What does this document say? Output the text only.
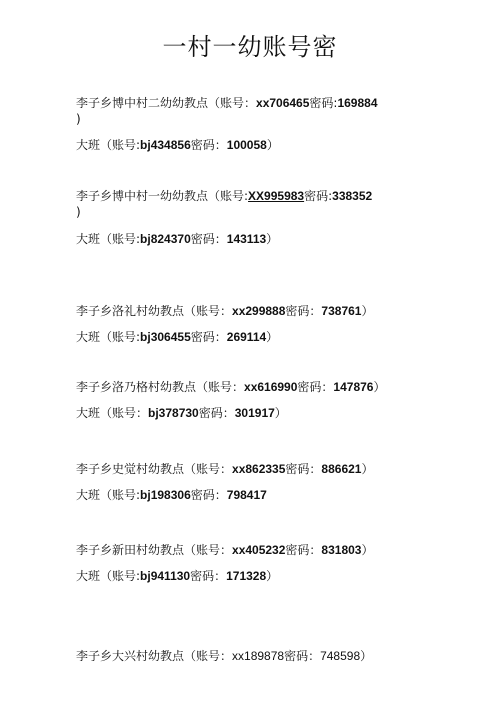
一村一幼账号密
李子乡博中村二幼幼教点（账号：xx706465密码:169884
)
大班（账号:bj434856密码：100058）
李子乡博中村一幼幼教点（账号:XX995983密码:338352
)
大班（账号:bj824370密码：143113）
李子乡洛礼村幼教点（账号：xx299888密码：738761）
大班（账号:bj306455密码：269114）
李子乡洛乃格村幼教点（账号：xx616990密码：147876）
大班（账号：bj378730密码：301917）
李子乡史觉村幼教点（账号：xx862335密码：886621）
大班（账号:bj198306密码：798417
李子乡新田村幼教点（账号：xx405232密码：831803）
大班（账号:bj941130密码：171328）
李子乡大兴村幼教点（账号：xx189878密码：748598）
